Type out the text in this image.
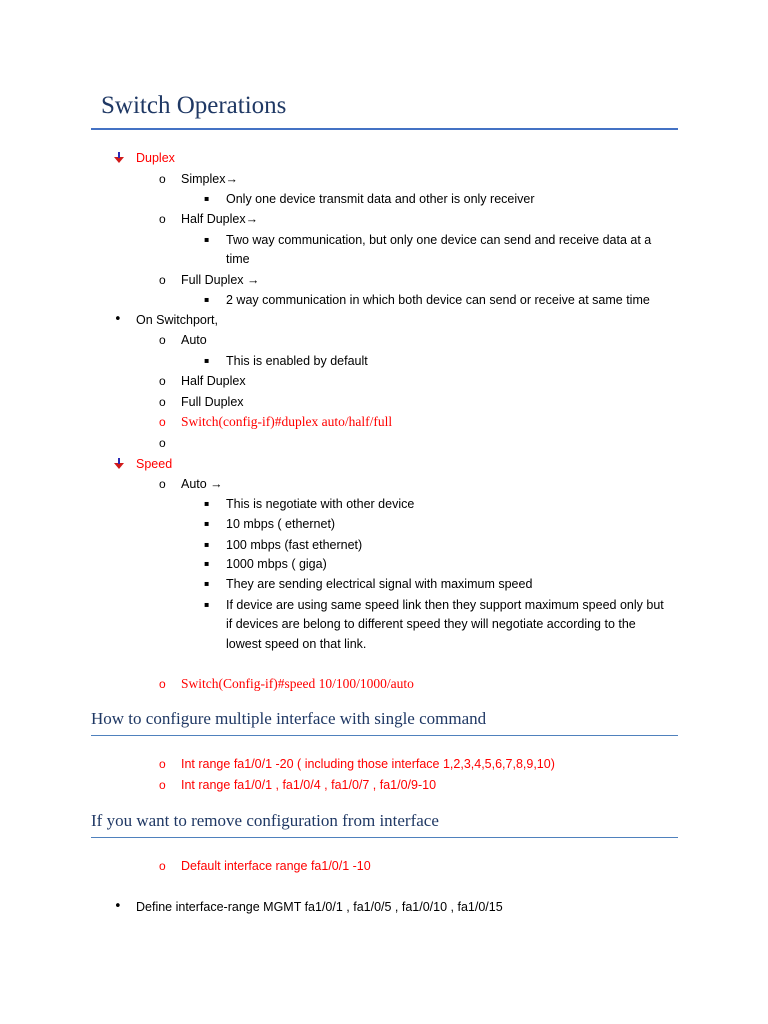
Switch Operations
Duplex
o Simplex→
▪ Only one device transmit data and other is only receiver
o Half Duplex→
▪ Two way communication, but only one device can send and receive data at a
time
o Full Duplex →
▪ 2 way communication in which both device can send or receive at same time
• On Switchport,
o Auto
▪ This is enabled by default
o Half Duplex
o Full Duplex
o Switch(config-if)#duplex auto/half/full
o
Speed
o Auto →
▪ This is negotiate with other device
▪ 10 mbps ( ethernet)
▪ 100 mbps (fast ethernet)
▪ 1000 mbps ( giga)
▪ They are sending electrical signal with maximum speed
▪ If device are using same speed link then they support maximum speed only but
if devices are belong to different speed they will negotiate according to the
lowest speed on that link.
o Switch(Config-if)#speed 10/100/1000/auto
How to configure multiple interface with single command
o Int range fa1/0/1 -20 ( including those interface 1,2,3,4,5,6,7,8,9,10)
o Int range fa1/0/1 , fa1/0/4 , fa1/0/7 , fa1/0/9-10
If you want to remove configuration from interface
o Default interface range fa1/0/1 -10
• Define interface-range MGMT fa1/0/1 , fa1/0/5 , fa1/0/10 , fa1/0/15
